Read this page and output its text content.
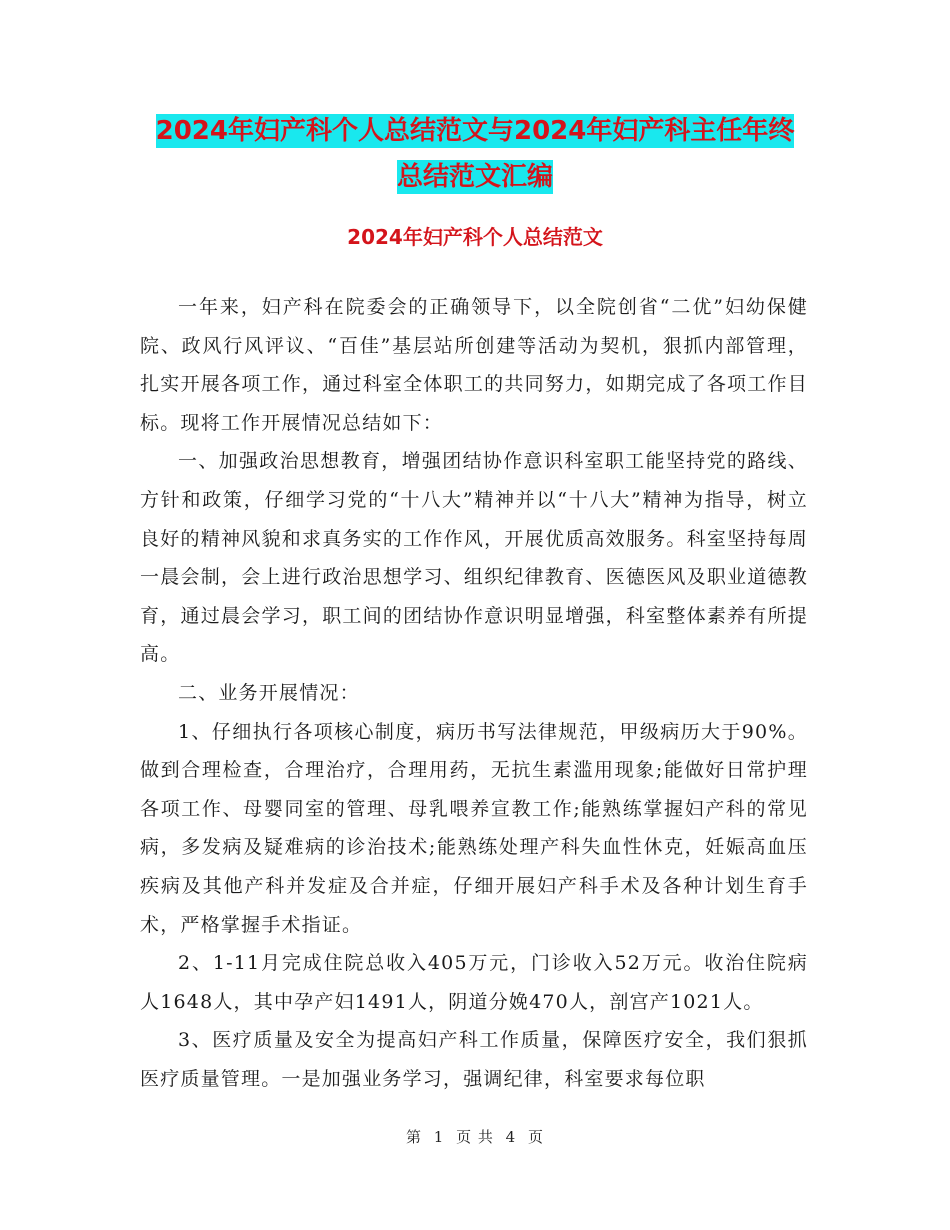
2024年妇产科个人总结范文与2024年妇产科主任年终
总结范文汇编
2024年妇产科个人总结范文

一年来，妇产科在院委会的正确领导下，以全院创省“二优”妇幼保健院、政风行风评议、“百佳”基层站所创建等活动为契机，狠抓内部管理，扎实开展各项工作，通过科室全体职工的共同努力，如期完成了各项工作目标。现将工作开展情况总结如下：

一、加强政治思想教育，增强团结协作意识科室职工能坚持党的路线、方针和政策，仔细学习党的“十八大”精神并以“十八大”精神为指导，树立良好的精神风貌和求真务实的工作作风，开展优质高效服务。科室坚持每周一晨会制，会上进行政治思想学习、组织纪律教育、医德医风及职业道德教育，通过晨会学习，职工间的团结协作意识明显增强，科室整体素养有所提高。

二、业务开展情况：

1、仔细执行各项核心制度，病历书写法律规范，甲级病历大于90%。做到合理检查，合理治疗，合理用药，无抗生素滥用现象;能做好日常护理各项工作、母婴同室的管理、母乳喂养宣教工作;能熟练掌握妇产科的常见病，多发病及疑难病的诊治技术;能熟练处理产科失血性休克，妊娠高血压疾病及其他产科并发症及合并症，仔细开展妇产科手术及各种计划生育手术，严格掌握手术指证。

2、1-11月完成住院总收入405万元，门诊收入52万元。收治住院病人1648人，其中孕产妇1491人，阴道分娩470人，剖宫产1021人。

3、医疗质量及安全为提高妇产科工作质量，保障医疗安全，我们狠抓医疗质量管理。一是加强业务学习，强调纪律，科室要求每位职

第 1 页 共 4 页
